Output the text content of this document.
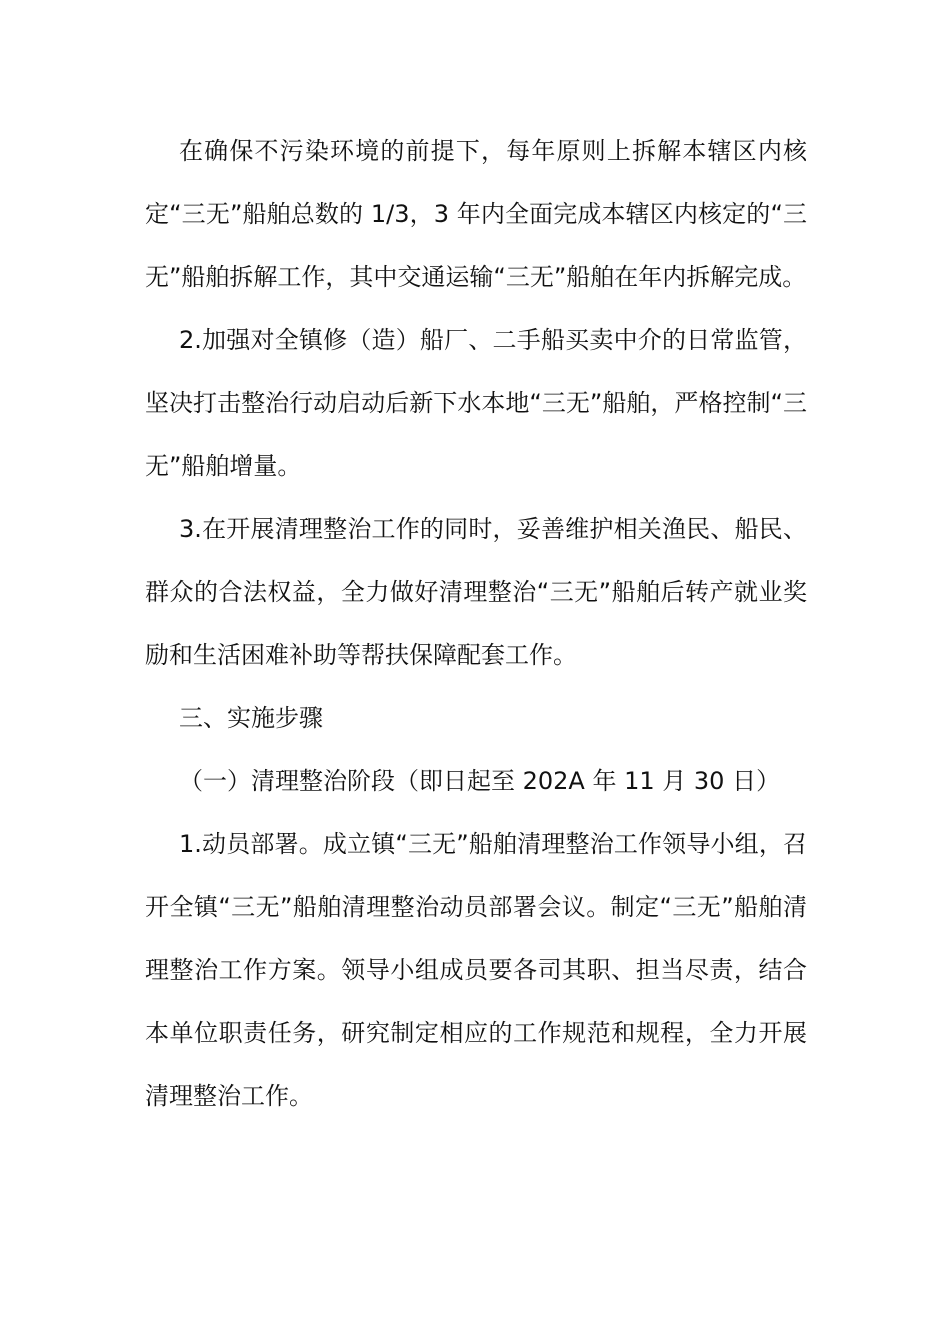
在确保不污染环境的前提下，每年原则上拆解本辖区内核定“三无”船舶总数的 1/3，3 年内全面完成本辖区内核定的“三无”船舶拆解工作，其中交通运输“三无”船舶在年内拆解完成。

2.加强对全镇修（造）船厂、二手船买卖中介的日常监管，坚决打击整治行动启动后新下水本地“三无”船舶，严格控制“三无”船舶增量。

3.在开展清理整治工作的同时，妥善维护相关渔民、船民、群众的合法权益，全力做好清理整治“三无”船舶后转产就业奖励和生活困难补助等帮扶保障配套工作。

三、实施步骤

（一）清理整治阶段（即日起至 202A 年 11 月 30 日）

1.动员部署。成立镇“三无”船舶清理整治工作领导小组，召开全镇“三无”船舶清理整治动员部署会议。制定“三无”船舶清理整治工作方案。领导小组成员要各司其职、担当尽责，结合本单位职责任务，研究制定相应的工作规范和规程，全力开展清理整治工作。
